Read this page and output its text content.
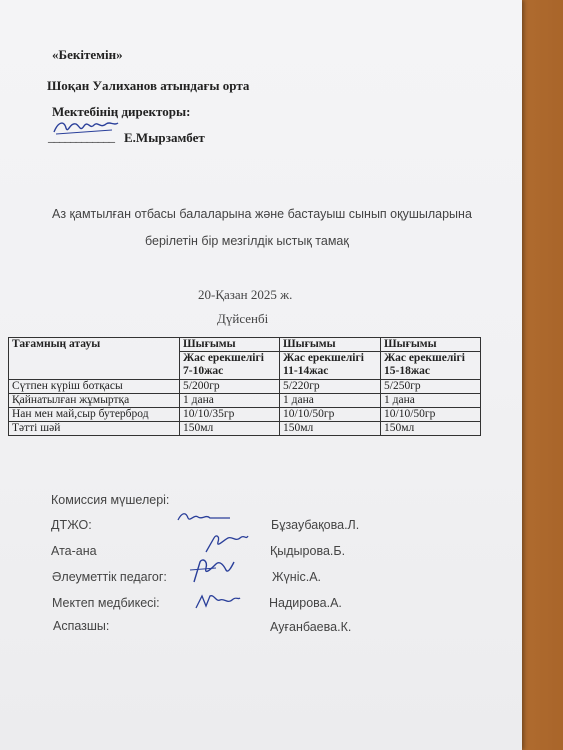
«Бекітемін»
Шоқан Уалиханов атындағы орта
Мектебінің директоры:
____________ Е.Мырзамбет
Аз қамтылған отбасы балаларына және бастауыш сынып оқушыларына
берілетін бір мезгілдік ыстық тамақ
20-Қазан 2025 ж.
Дүйсенбі
Тағамның атауы	Шығымы	Шығымы	Шығымы
	Жас ерекшелігі 7-10жас	Жас ерекшелігі 11-14жас	Жас ерекшелігі 15-18жас
Сүтпен күріш ботқасы	5/200гр	5/220гр	5/250гр
Қайнатылған жұмыртқа	1 дана	1 дана	1 дана
Нан мен май,сыр бутерброд	10/10/35гр	10/10/50гр	10/10/50гр
Тәтті шәй	150мл	150мл	150мл
Комиссия мүшелері:
ДТЖО:	Бұзаубақова.Л.
Ата-ана	Қыдырова.Б.
Әлеуметтік педагог:	Жүніс.А.
Мектеп медбикесі:	Надирова.А.
Аспазшы:	Ауғанбаева.К.
